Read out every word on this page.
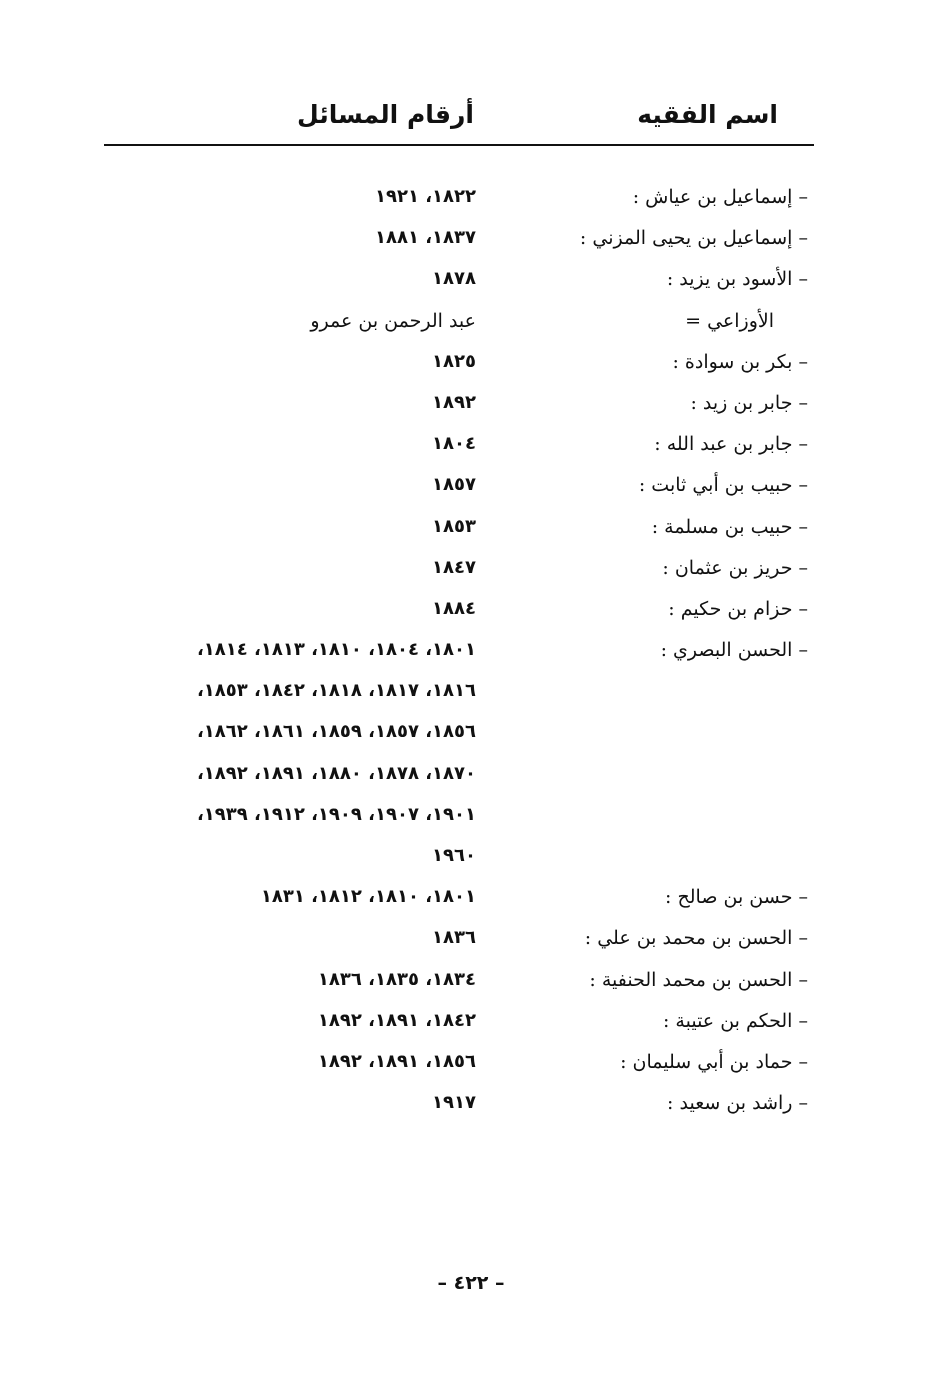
اسم الفقيه
أرقام المسائل
– إسماعيل بن عياش :
١٨٢٢، ١٩٢١
– إسماعيل بن يحيى المزني :
١٨٣٧، ١٨٨١
– الأسود بن يزيد :
١٨٧٨
الأوزاعي =
عبد الرحمن بن عمرو
– بكر بن سوادة :
١٨٢٥
– جابر بن زيد :
١٨٩٢
– جابر بن عبد الله :
١٨٠٤
– حبيب بن أبي ثابت :
١٨٥٧
– حبيب بن مسلمة :
١٨٥٣
– حريز بن عثمان :
١٨٤٧
– حزام بن حكيم :
١٨٨٤
– الحسن البصري :
١٨٠١، ١٨٠٤، ١٨١٠، ١٨١٣، ١٨١٤،
١٨١٦، ١٨١٧، ١٨١٨، ١٨٤٢، ١٨٥٣،
١٨٥٦، ١٨٥٧، ١٨٥٩، ١٨٦١، ١٨٦٢،
١٨٧٠، ١٨٧٨، ١٨٨٠، ١٨٩١، ١٨٩٢،
١٩٠١، ١٩٠٧، ١٩٠٩، ١٩١٢، ١٩٣٩،
١٩٦٠
– حسن بن صالح :
١٨٠١، ١٨١٠، ١٨١٢، ١٨٣١
– الحسن بن محمد بن علي :
١٨٣٦
– الحسن بن محمد الحنفية :
١٨٣٤، ١٨٣٥، ١٨٣٦
– الحكم بن عتيبة :
١٨٤٢، ١٨٩١، ١٨٩٢
– حماد بن أبي سليمان :
١٨٥٦، ١٨٩١، ١٨٩٢
– راشد بن سعيد :
١٩١٧
– ٤٢٢ –
